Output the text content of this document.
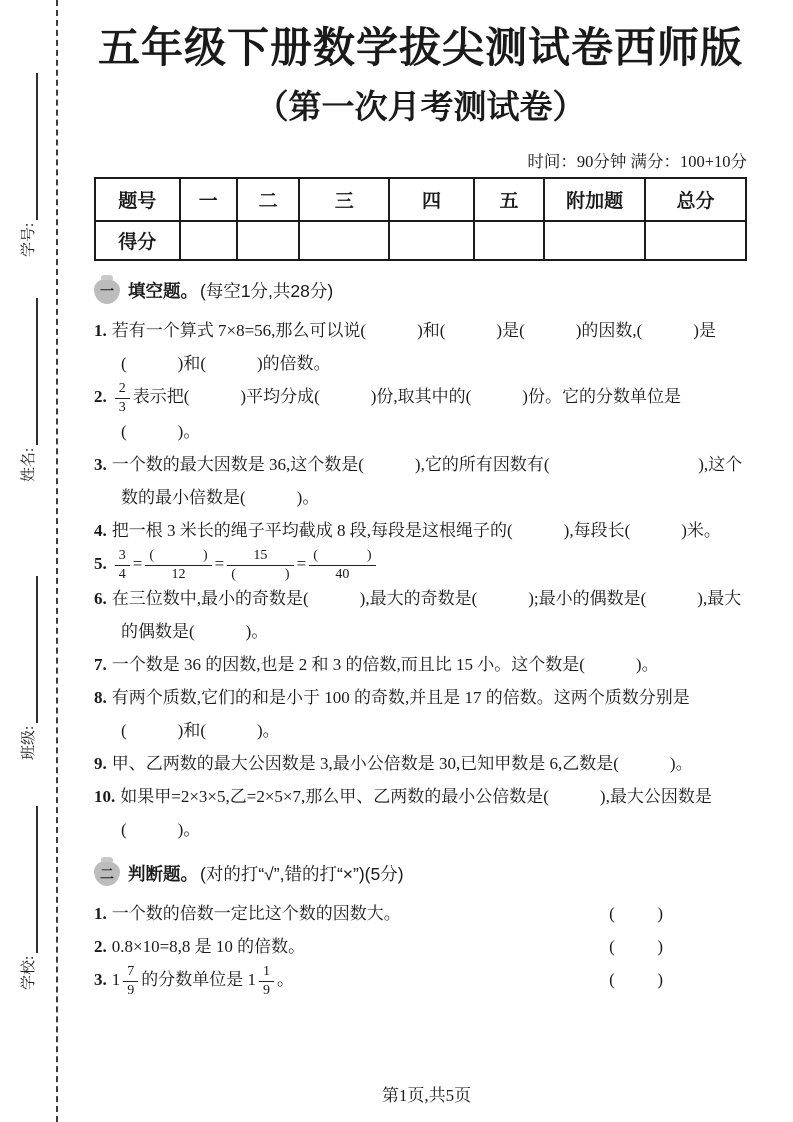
学号:
姓名:
班级:
学校:
五年级下册数学拔尖测试卷西师版
（第一次月考测试卷）
时间：90分钟 满分：100+10分
题号	一	二	三	四	五	附加题	总分
得分							
一 填空题。 (每空1分,共28分)
1. 若有一个算式 7×8=56,那么可以说(            )和(            )是(            )的因数,(            )是(            )和(            )的倍数。
2. $\frac{2}{3}$ 表示把(            )平均分成(            )份,取其中的(            )份。它的分数单位是(            )。
3. 一个数的最大因数是 36,这个数是(            ),它的所有因数有(                                   ),这个数的最小倍数是(            )。
4. 把一根 3 米长的绳子平均截成 8 段,每段是这根绳子的(            ),每段长(            )米。
5. $\frac{3}{4} = \frac{( )}{12} = \frac{15}{( )} = \frac{( )}{40}$
6. 在三位数中,最小的奇数是(            ),最大的奇数是(            );最小的偶数是(            ),最大的偶数是(            )。
7. 一个数是 36 的因数,也是 2 和 3 的倍数,而且比 15 小。这个数是(            )。
8. 有两个质数,它们的和是小于 100 的奇数,并且是 17 的倍数。这两个质数分别是(            )和(            )。
9. 甲、乙两数的最大公因数是 3,最小公倍数是 30,已知甲数是 6,乙数是(            )。
10. 如果甲=2×3×5,乙=2×5×7,那么甲、乙两数的最小公倍数是(            ),最大公因数是(            )。
二 判断题。 (对的打“√”,错的打“×”)(5分)
1. 一个数的倍数一定比这个数的因数大。	(          )
2. 0.8×10=8,8 是 10 的倍数。	(          )
3. $1 \frac{7}{9}$ 的分数单位是 $1 \frac{1}{9}$ 。	(          )
第1页,共5页
